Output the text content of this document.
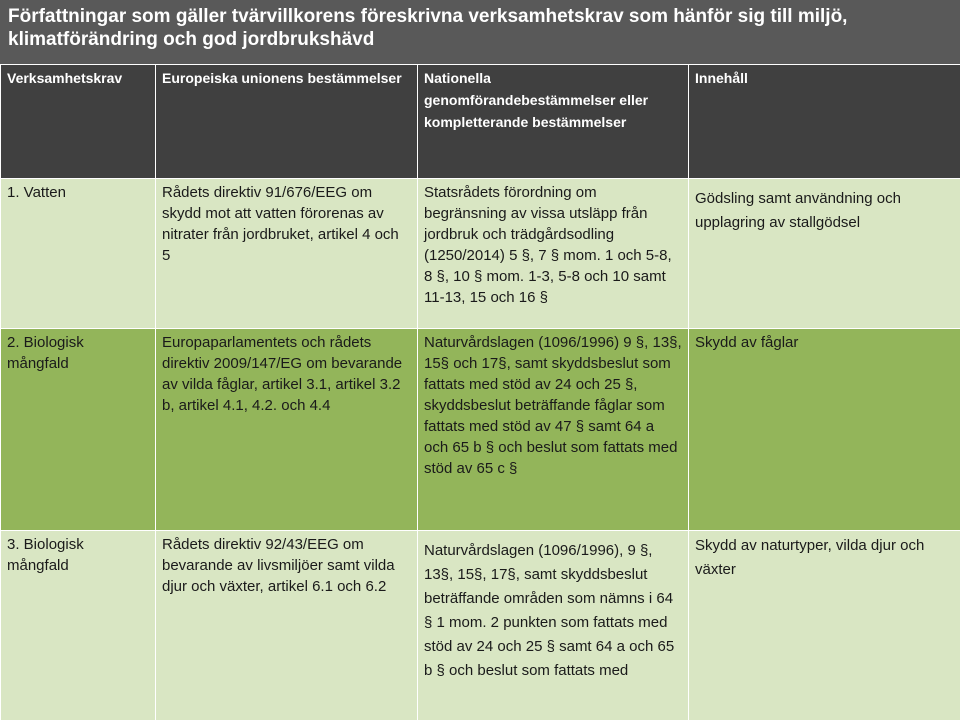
Författningar som gäller tvärvillkorens föreskrivna verksamhetskrav som hänför sig till miljö, klimatförändring och god jordbrukshävd
Verksamhetskrav	Europeiska unionens bestämmelser	Nationella genomförandebestämmelser eller kompletterande bestämmelser	Innehåll
1. Vatten	Rådets direktiv 91/676/EEG om skydd mot att vatten förorenas av nitrater från jordbruket, artikel 4 och 5	Statsrådets förordning om begränsning av vissa utsläpp från jordbruk och trädgårdsodling (1250/2014) 5 §, 7 § mom. 1 och 5-8, 8 §, 10 § mom. 1-3, 5-8 och 10 samt 11-13, 15 och 16 §	Gödsling samt användning och upplagring av stallgödsel
2. Biologisk mångfald	Europaparlamentets och rådets direktiv 2009/147/EG om bevarande av vilda fåglar, artikel 3.1, artikel 3.2 b, artikel 4.1, 4.2. och 4.4	Naturvårdslagen (1096/1996) 9 §, 13§, 15§ och 17§, samt skyddsbeslut som fattats med stöd av 24 och 25 §, skyddsbeslut beträffande fåglar som fattats med stöd av 47 § samt 64 a och 65 b § och beslut som fattats med stöd av 65 c §	Skydd av fåglar
3. Biologisk mångfald	Rådets direktiv 92/43/EEG om bevarande av livsmiljöer samt vilda djur och växter, artikel 6.1 och 6.2	Naturvårdslagen (1096/1996), 9 §, 13§, 15§, 17§, samt skyddsbeslut beträffande områden som nämns i 64 § 1 mom. 2 punkten som fattats med stöd av 24 och 25 § samt 64 a och 65 b § och beslut som fattats med	Skydd av naturtyper, vilda djur och växter
